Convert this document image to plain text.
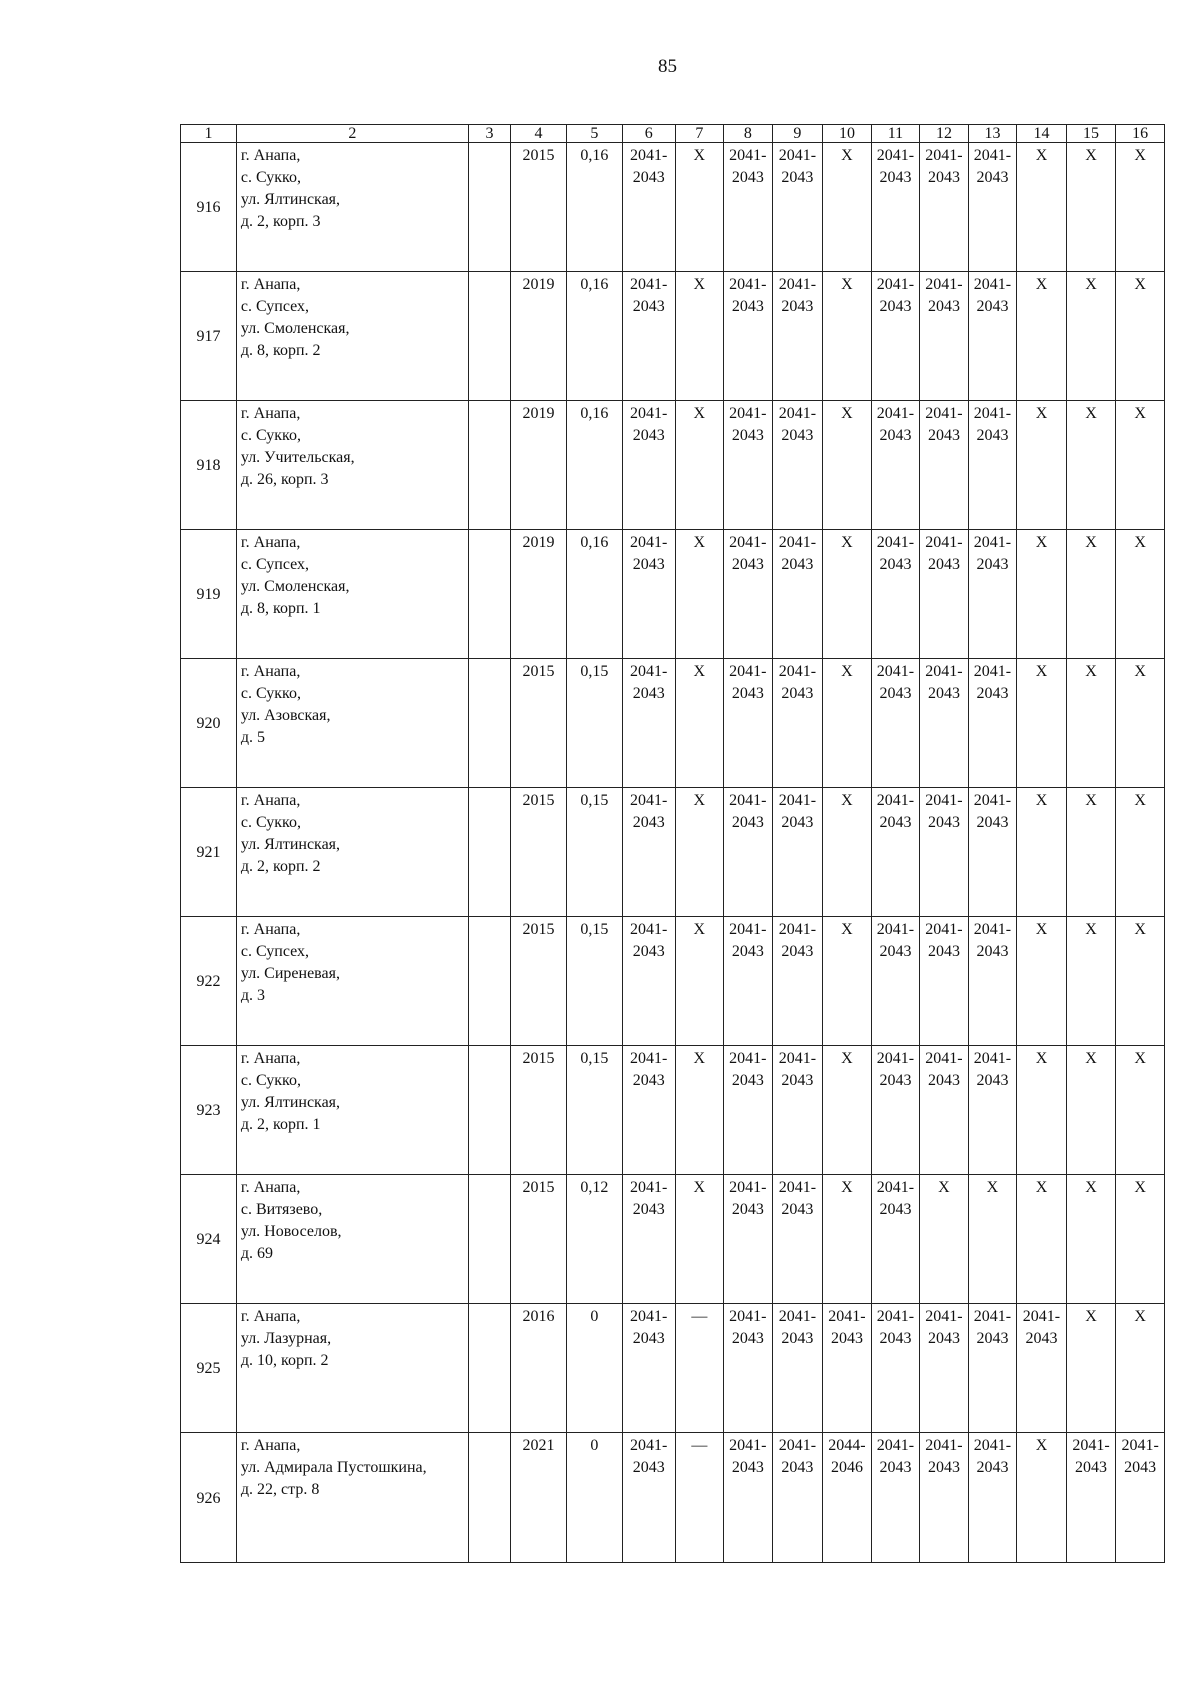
85
1	2	3	4	5	6	7	8	9	10	11	12	13	14	15	16
916	г. Анапа,
с. Сукко,
ул. Ялтинская,
д. 2, корп. 3		2015	0,16	2041-
2043	X	2041-
2043	2041-
2043	X	2041-
2043	2041-
2043	2041-
2043	X	X	X

917	г. Анапа,
с. Супсех,
ул. Смоленская,
д. 8, корп. 2		2019	0,16	2041-
2043	X	2041-
2043	2041-
2043	X	2041-
2043	2041-
2043	2041-
2043	X	X	X

918	г. Анапа,
с. Сукко,
ул. Учительская,
д. 26, корп. 3		2019	0,16	2041-
2043	X	2041-
2043	2041-
2043	X	2041-
2043	2041-
2043	2041-
2043	X	X	X

919	г. Анапа,
с. Супсех,
ул. Смоленская,
д. 8, корп. 1		2019	0,16	2041-
2043	X	2041-
2043	2041-
2043	X	2041-
2043	2041-
2043	2041-
2043	X	X	X

920	г. Анапа,
с. Сукко,
ул. Азовская,
д. 5		2015	0,15	2041-
2043	X	2041-
2043	2041-
2043	X	2041-
2043	2041-
2043	2041-
2043	X	X	X

921	г. Анапа,
с. Сукко,
ул. Ялтинская,
д. 2, корп. 2		2015	0,15	2041-
2043	X	2041-
2043	2041-
2043	X	2041-
2043	2041-
2043	2041-
2043	X	X	X

922	г. Анапа,
с. Супсех,
ул. Сиреневая,
д. 3		2015	0,15	2041-
2043	X	2041-
2043	2041-
2043	X	2041-
2043	2041-
2043	2041-
2043	X	X	X

923	г. Анапа,
с. Сукко,
ул. Ялтинская,
д. 2, корп. 1		2015	0,15	2041-
2043	X	2041-
2043	2041-
2043	X	2041-
2043	2041-
2043	2041-
2043	X	X	X

924	г. Анапа,
с. Витязево,
ул. Новоселов,
д. 69		2015	0,12	2041-
2043	X	2041-
2043	2041-
2043	X	2041-
2043	X	X	X	X	X

925	г. Анапа,
ул. Лазурная,
д. 10, корп. 2		2016	0	2041-
2043	—	2041-
2043	2041-
2043	2041-
2043	2041-
2043	2041-
2043	2041-
2043	2041-
2043	X	X

926	г. Анапа,
ул. Адмирала Пустошкина,
д. 22, стр. 8		2021	0	2041-
2043	—	2041-
2043	2041-
2043	2044-
2046	2041-
2043	2041-
2043	2041-
2043	X	2041-
2043	2041-
2043
